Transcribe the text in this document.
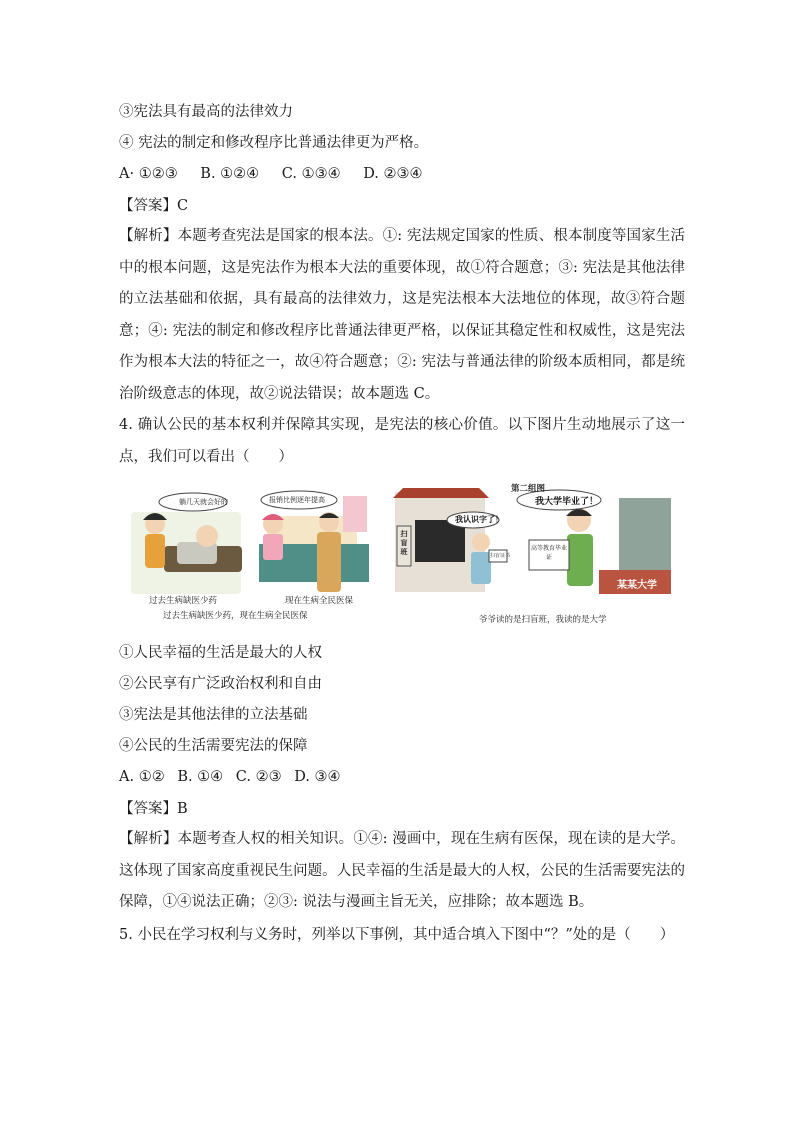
③宪法具有最高的法律效力
④ 宪法的制定和修改程序比普通法律更为严格。
A· ①②③ B. ①②④ C. ①③④ D. ②③④
【答案】C
【解析】本题考查宪法是国家的根本法。①: 宪法规定国家的性质、根本制度等国家生活中的根本问题，这是宪法作为根本大法的重要体现，故①符合题意；③: 宪法是其他法律的立法基础和依据，具有最高的法律效力，这是宪法根本大法地位的体现，故③符合题意；④: 宪法的制定和修改程序比普通法律更严格，以保证其稳定性和权威性，这是宪法作为根本大法的特征之一，故④符合题意；②: 宪法与普通法律的阶级本质相同，都是统治阶级意志的体现，故②说法错误；故本题选 C。
4. 确认公民的基本权利并保障其实现，是宪法的核心价值。以下图片生动地展示了这一点，我们可以看出（　　）
躺几天就会好的	报销比例逐年提高
过去生病缺医少药	现在生病全民医保
过去生病缺医少药，现在生病全民医保
第二组图
我认识字了！
我大学毕业了！
扫盲班	扫盲证书
高等教育毕业证
某某大学
爷爷读的是扫盲班，我读的是大学
①人民幸福的生活是最大的人权
②公民享有广泛政治权利和自由
③宪法是其他法律的立法基础
④公民的生活需要宪法的保障
A. ①② B. ①④ C. ②③ D. ③④
【答案】B
【解析】本题考查人权的相关知识。①④: 漫画中，现在生病有医保，现在读的是大学。这体现了国家高度重视民生问题。人民幸福的生活是最大的人权，公民的生活需要宪法的保障，①④说法正确；②③: 说法与漫画主旨无关，应排除；故本题选 B。
5. 小民在学习权利与义务时，列举以下事例，其中适合填入下图中“？”处的是（　　）
